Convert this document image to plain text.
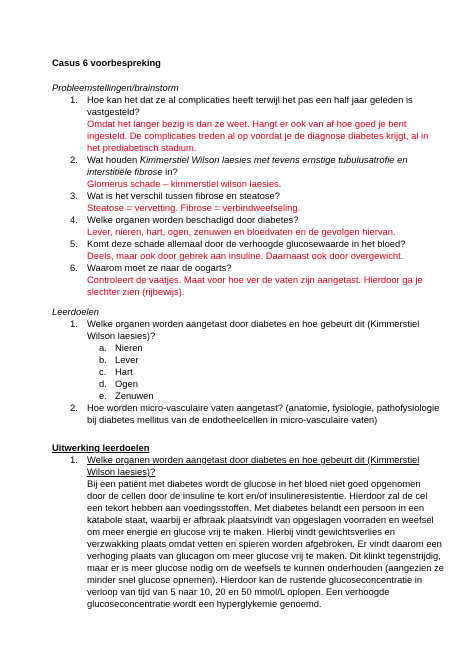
Casus 6 voorbespreking
Probleemstellingen/brainstorm
1. Hoe kan het dat ze al complicaties heeft terwijl het pas een half jaar geleden is
vastgesteld?
Omdat het langer bezig is dan ze weet. Hangt er ook van af hoe goed je bent
ingesteld. De complicaties treden al op voordat je de diagnose diabetes krijgt, al in
het prediabetisch stadium.
2. Wat houden Kimmerstiel Wilson laesies met tevens ernstige tubulusatrofie en
interstitiële fibrose in?
Glomerus schade – kimmerstiel wilson laesies.
3. Wat is het verschil tussen fibrose en steatose?
Steatose = vervetting. Fibrose = verbindweefseling.
4. Welke organen worden beschadigd door diabetes?
Lever, nieren, hart, ogen, zenuwen en bloedvaten en de gevolgen hiervan.
5. Komt deze schade allemaal door de verhoogde glucosewaarde in het bloed?
Deels, maar ook door gebrek aan insuline. Daarnaast ook door overgewicht.
6. Waarom moet ze naar de oogarts?
Controleert de vaatjes. Maat voor hoe ver de vaten zijn aangetast. Hierdoor ga je
slechter zien (rijbewijs).
Leerdoelen
1. Welke organen worden aangetast door diabetes en hoe gebeurt dit (Kimmerstiel
Wilson laesies)?
a. Nieren
b. Lever
c. Hart
d. Ogen
e. Zenuwen
2. Hoe worden micro-vasculaire vaten aangetast? (anatomie, fysiologie, pathofysiologie
bij diabetes mellitus van de endotheelcellen in micro-vasculaire vaten)
Uitwerking leerdoelen
1. Welke organen worden aangetast door diabetes en hoe gebeurt dit (Kimmerstiel
Wilson laesies)?
Bij een patiënt met diabetes wordt de glucose in het bloed niet goed opgenomen
door de cellen door de insuline te kort en/of insulineresistentie. Hierdoor zal de cel
een tekort hebben aan voedingsstoffen. Met diabetes belandt een persoon in een
katabole staat, waarbij er afbraak plaatsvindt van opgeslagen voorraden en weefsel
om meer energie en glucose vrij te maken. Hierbij vindt gewichtsverlies en
verzwakking plaats omdat vetten en spieren worden afgebroken. Er vindt daarom een
verhoging plaats van glucagon om meer glucose vrij te maken. Dit klinkt tegenstrijdig,
maar er is meer glucose nodig om de weefsels te kunnen onderhouden (aangezien ze
minder snel glucose opnemen). Hierdoor kan de rustende glucoseconcentratie in
verloop van tijd van 5 naar 10, 20 en 50 mmol/L oplopen. Een verhoogde
glucoseconcentratie wordt een hyperglykemie genoemd.
